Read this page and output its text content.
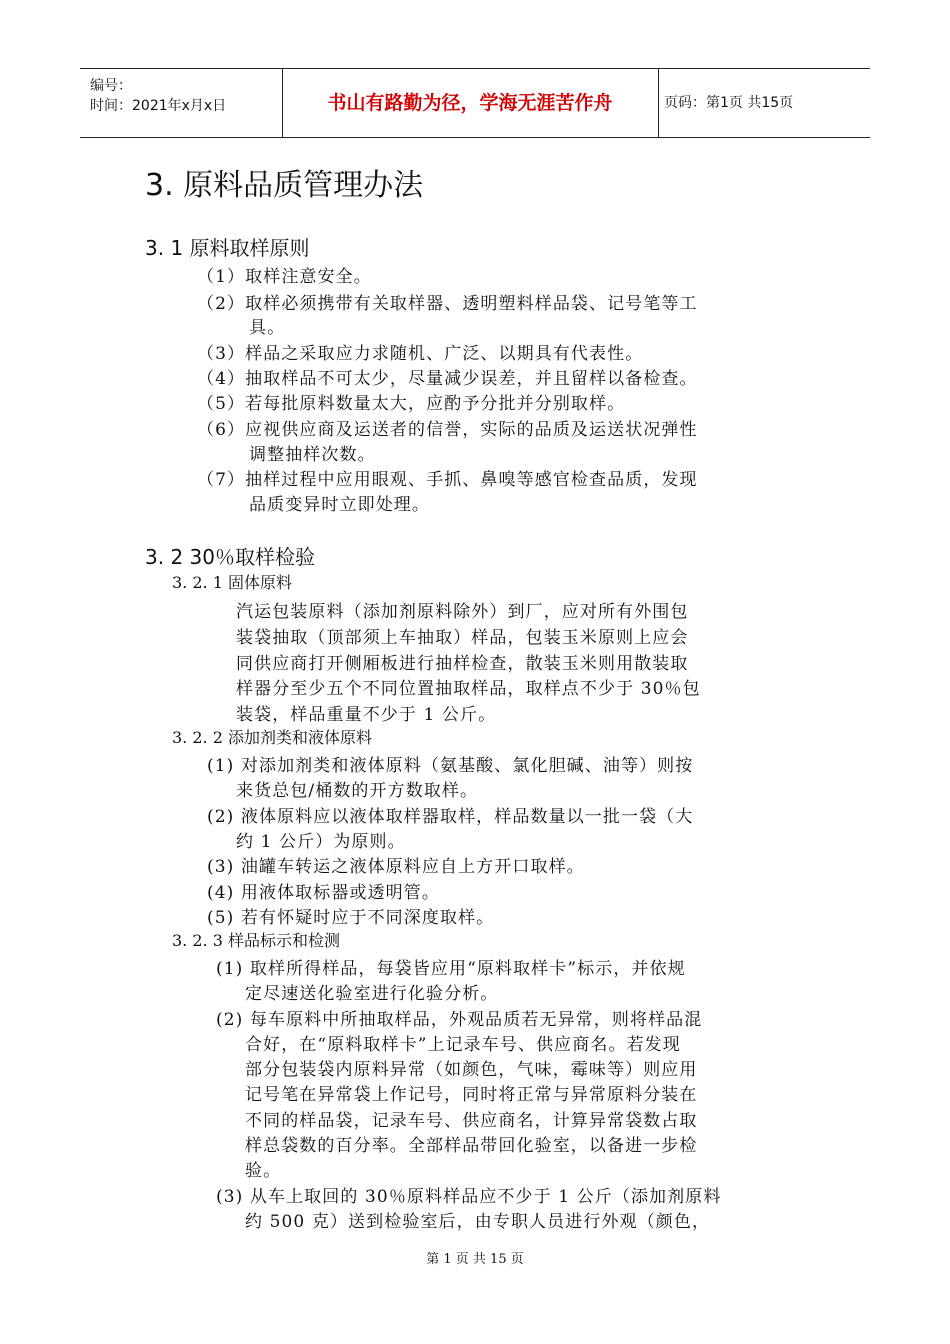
编号：
时间：2021年x月x日	书山有路勤为径，学海无涯苦作舟	页码：第1页 共15页
3. 原料品质管理办法
3. 1 原料取样原则
（1）取样注意安全。
（2）取样必须携带有关取样器、透明塑料样品袋、记号笔等工
具。
（3）样品之采取应力求随机、广泛、以期具有代表性。
（4）抽取样品不可太少，尽量减少误差，并且留样以备检查。
（5）若每批原料数量太大，应酌予分批并分别取样。
（6）应视供应商及运送者的信誉，实际的品质及运送状况弹性
调整抽样次数。
（7）抽样过程中应用眼观、手抓、鼻嗅等感官检查品质，发现
品质变异时立即处理。
3. 2 30％取样检验
3. 2. 1 固体原料
汽运包装原料（添加剂原料除外）到厂，应对所有外围包
装袋抽取（顶部须上车抽取）样品，包装玉米原则上应会
同供应商打开侧厢板进行抽样检查，散装玉米则用散装取
样器分至少五个不同位置抽取样品，取样点不少于 30％包
装袋，样品重量不少于 1 公斤。
3. 2. 2 添加剂类和液体原料
(1) 对添加剂类和液体原料（氨基酸、氯化胆碱、油等）则按
来货总包/桶数的开方数取样。
(2) 液体原料应以液体取样器取样，样品数量以一批一袋（大
约 1 公斤）为原则。
(3) 油罐车转运之液体原料应自上方开口取样。
(4) 用液体取标器或透明管。
(5) 若有怀疑时应于不同深度取样。
3. 2. 3 样品标示和检测
(1) 取样所得样品，每袋皆应用“原料取样卡”标示，并依规
定尽速送化验室进行化验分析。
(2) 每车原料中所抽取样品，外观品质若无异常，则将样品混
合好，在“原料取样卡”上记录车号、供应商名。若发现
部分包装袋内原料异常（如颜色，气味，霉味等）则应用
记号笔在异常袋上作记号，同时将正常与异常原料分装在
不同的样品袋，记录车号、供应商名，计算异常袋数占取
样总袋数的百分率。全部样品带回化验室，以备进一步检
验。
(3) 从车上取回的 30％原料样品应不少于 1 公斤（添加剂原料
约 500 克）送到检验室后，由专职人员进行外观（颜色，
第 1 页 共 15 页
